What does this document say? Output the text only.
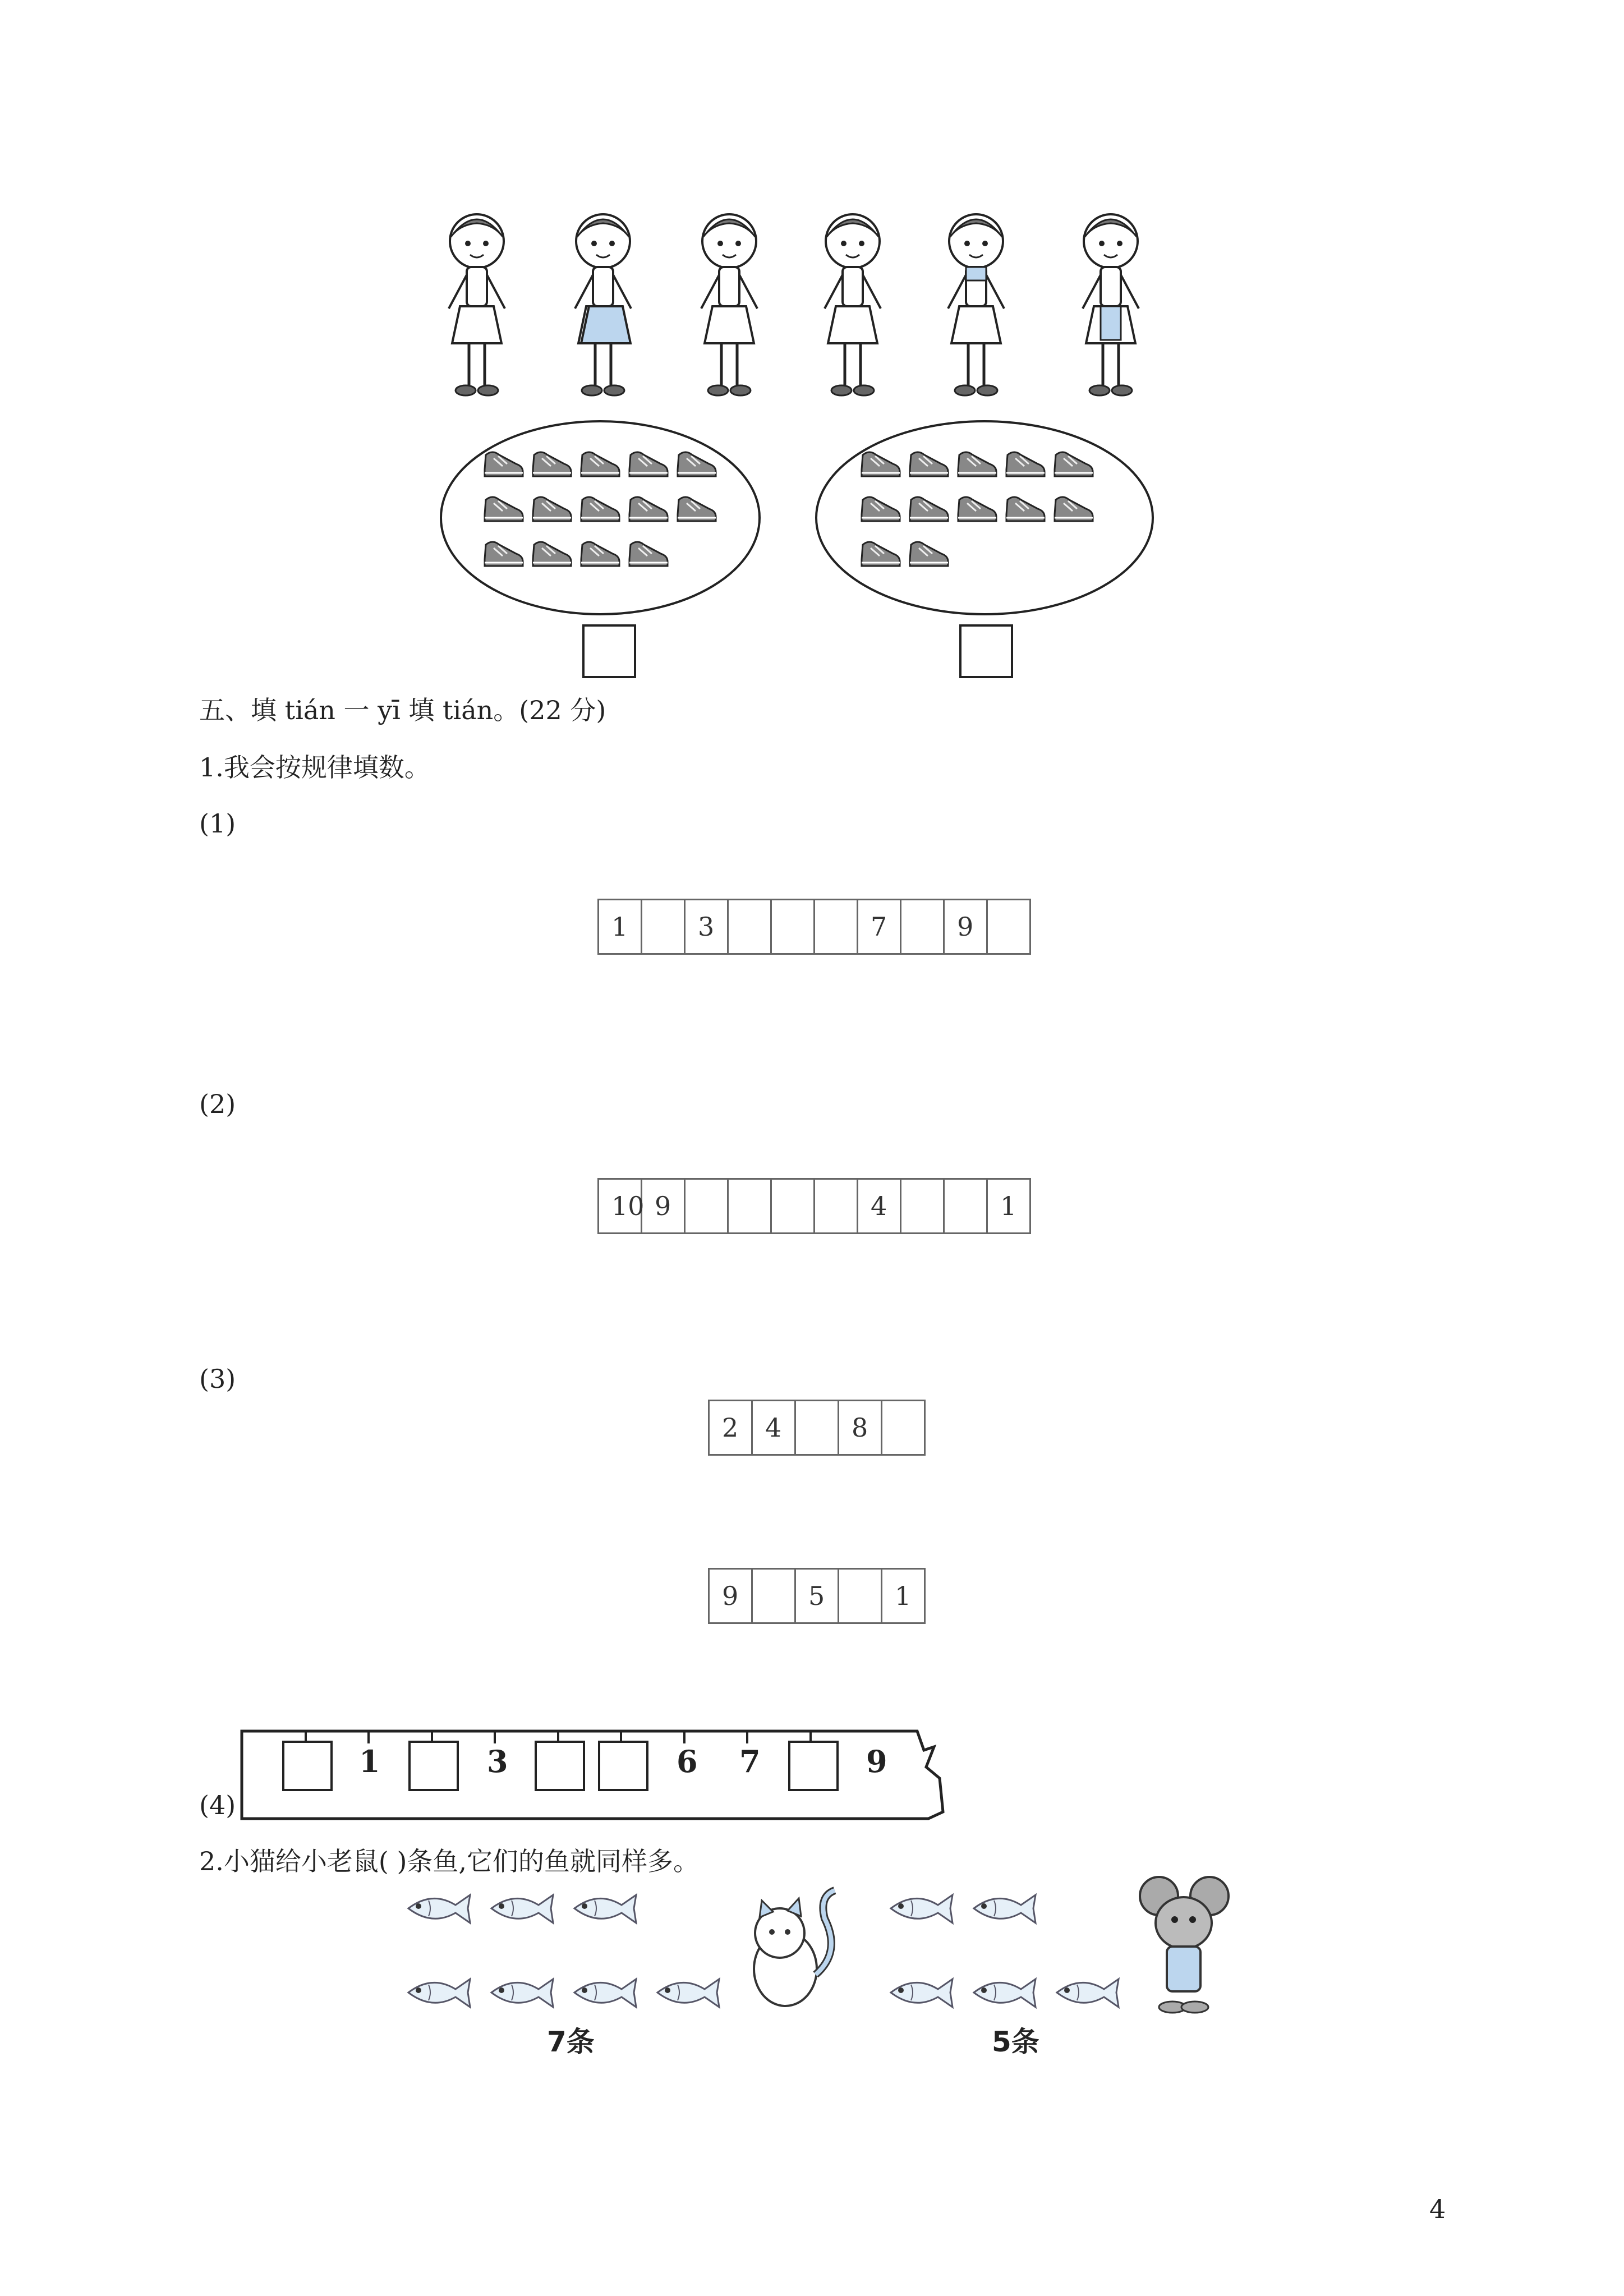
五、填 tián 一 yī 填 tián。(22 分)
1.我会按规律填数。
(1)
1	3	7	9
(2)
10 9	4	1
(3)
2	4	8
9	5	1
(4)
1	3	6 7	9
2.小猫给小老鼠( )条鱼,它们的鱼就同样多。
7条	5条
4
